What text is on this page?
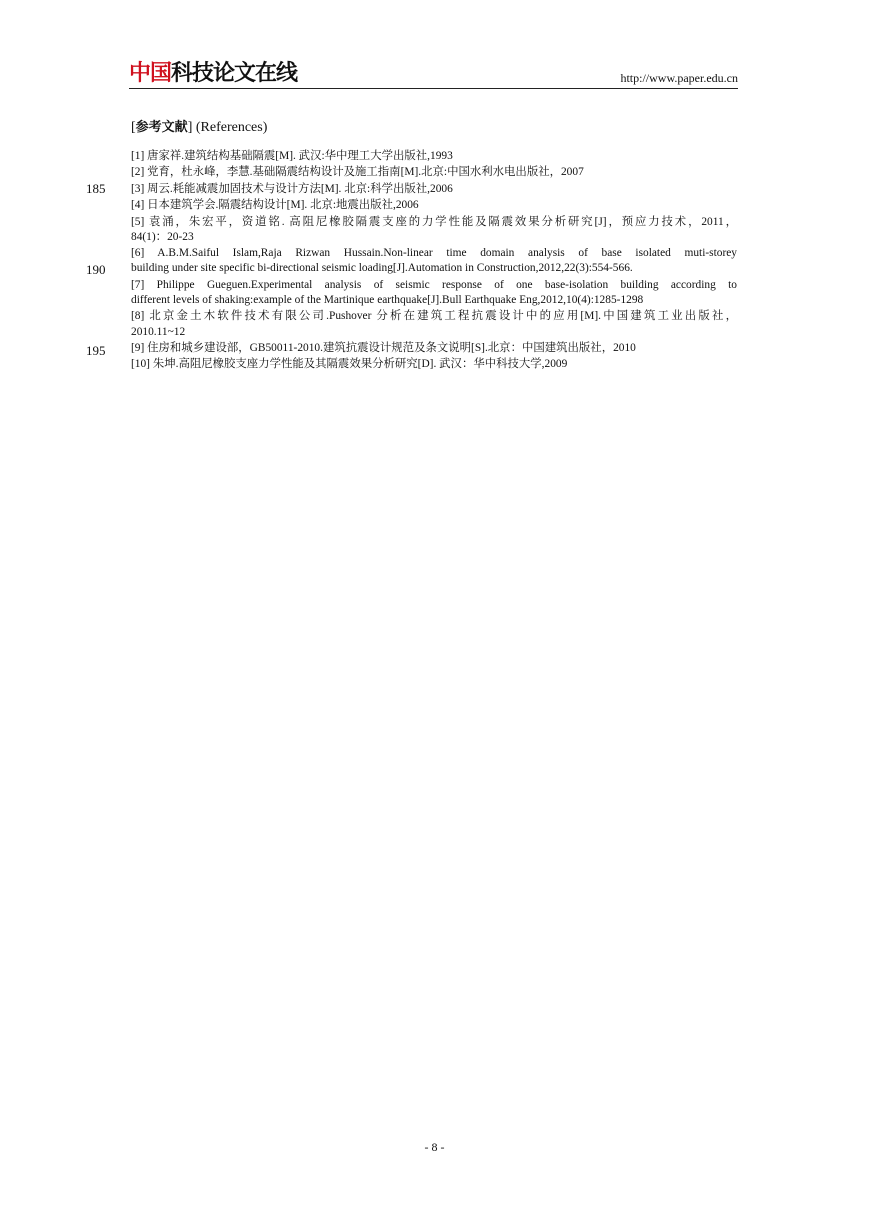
中国科技论文在线	http://www.paper.edu.cn
[参考文献] (References)
185
190
195
[1] 唐家祥.建筑结构基础隔震[M]. 武汉:华中理工大学出版社,1993
[2] 党育，杜永峰，李慧.基础隔震结构设计及施工指南[M].北京:中国水利水电出版社，2007
[3] 周云.耗能减震加固技术与设计方法[M]. 北京:科学出版社,2006
[4] 日本建筑学会.隔震结构设计[M]. 北京:地震出版社,2006
[5] 袁涌，朱宏平，资道铭. 高阻尼橡胶隔震支座的力学性能及隔震效果分析研究[J]，预应力技术，2011，
84(1)：20-23
[6] A.B.M.Saiful Islam,Raja Rizwan Hussain.Non-linear time domain analysis of base isolated muti-storey
building under site specific bi-directional seismic loading[J].Automation in Construction,2012,22(3):554-566.
[7] Philippe Gueguen.Experimental analysis of seismic response of one base-isolation building according to
different levels of shaking:example of the Martinique earthquake[J].Bull Earthquake Eng,2012,10(4):1285-1298
[8] 北京金土木软件技术有限公司.Pushover 分析在建筑工程抗震设计中的应用[M].中国建筑工业出版社，
2010.11~12
[9] 住房和城乡建设部，GB50011-2010.建筑抗震设计规范及条文说明[S].北京：中国建筑出版社，2010
[10] 朱坤.高阻尼橡胶支座力学性能及其隔震效果分析研究[D]. 武汉：华中科技大学,2009
- 8 -
